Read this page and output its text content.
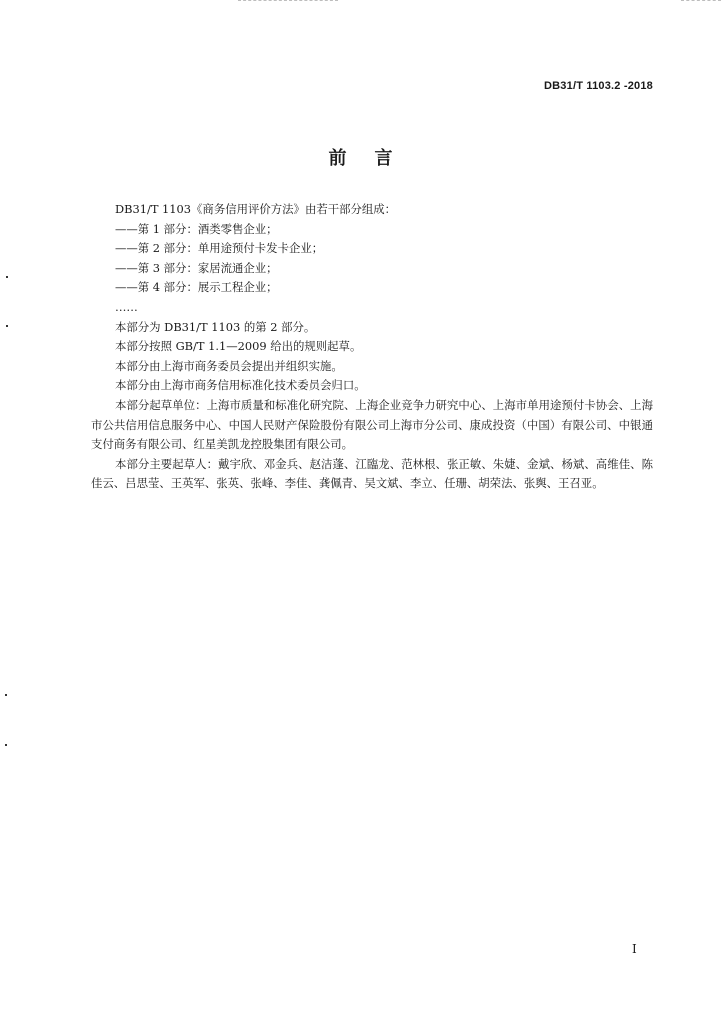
DB31/T 1103.2 -2018
前 言
DB31/T 1103《商务信用评价方法》由若干部分组成：
——第 1 部分：酒类零售企业；
——第 2 部分：单用途预付卡发卡企业；
——第 3 部分：家居流通企业；
——第 4 部分：展示工程企业；
……
本部分为 DB31/T 1103 的第 2 部分。
本部分按照 GB/T 1.1—2009 给出的规则起草。
本部分由上海市商务委员会提出并组织实施。
本部分由上海市商务信用标准化技术委员会归口。
本部分起草单位：上海市质量和标准化研究院、上海企业竞争力研究中心、上海市单用途预付卡协会、上海市公共信用信息服务中心、中国人民财产保险股份有限公司上海市分公司、康成投资（中国）有限公司、中银通支付商务有限公司、红星美凯龙控股集团有限公司。
本部分主要起草人：戴宇欣、邓金兵、赵洁蓬、江臨龙、范林根、张正敏、朱婕、金斌、杨斌、高维佳、陈佳云、吕思莹、王英军、张英、张峰、李佳、龚佩青、吴文斌、李立、任珊、胡荣法、张舆、王召亚。
I
